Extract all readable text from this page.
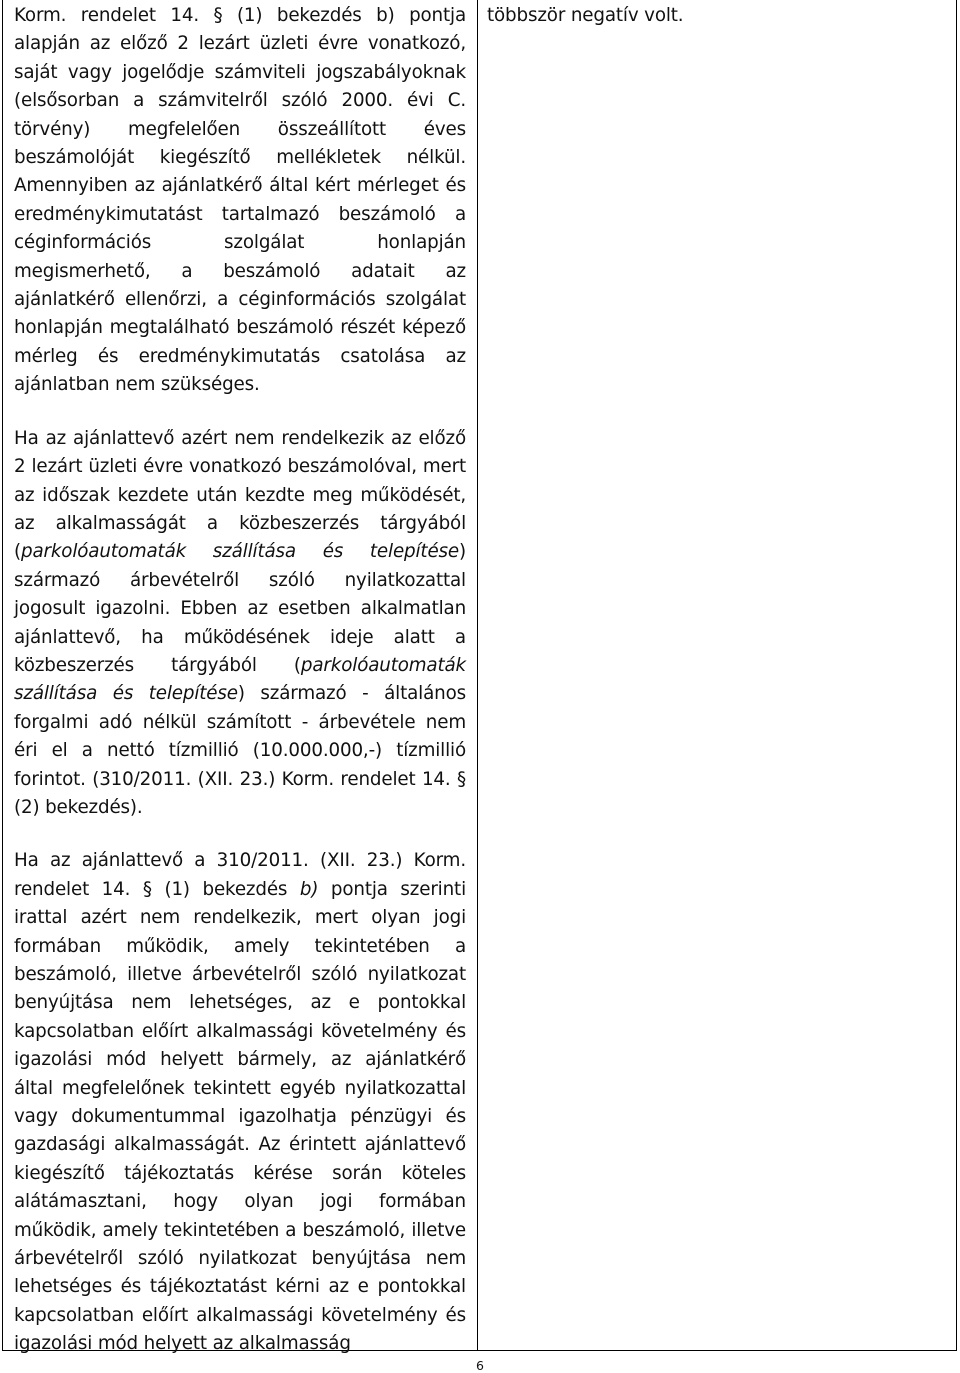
Korm. rendelet 14. § (1) bekezdés b) pontja alapján az előző 2 lezárt üzleti évre vonatkozó, saját vagy jogelődje számviteli jogszabályoknak (elsősorban a számvitelről szóló 2000. évi C. törvény) megfelelően összeállított éves beszámolóját kiegészítő mellékletek nélkül. Amennyiben az ajánlatkérő által kért mérleget és eredménykimutatást tartalmazó beszámoló a céginformációs szolgálat honlapján megismerhető, a beszámoló adatait az ajánlatkérő ellenőrzi, a céginformációs szolgálat honlapján megtalálható beszámoló részét képező mérleg és eredménykimutatás csatolása az ajánlatban nem szükséges.

Ha az ajánlattevő azért nem rendelkezik az előző 2 lezárt üzleti évre vonatkozó beszámolóval, mert az időszak kezdete után kezdte meg működését, az alkalmasságát a közbeszerzés tárgyából (parkolóautomaták szállítása és telepítése) származó árbevételről szóló nyilatkozattal jogosult igazolni. Ebben az esetben alkalmatlan ajánlattevő, ha működésének ideje alatt a közbeszerzés tárgyából (parkolóautomaták szállítása és telepítése) származó - általános forgalmi adó nélkül számított - árbevétele nem éri el a nettó tízmillió (10.000.000,-) tízmillió forintot. (310/2011. (XII. 23.) Korm. rendelet 14. § (2) bekezdés).

Ha az ajánlattevő a 310/2011. (XII. 23.) Korm. rendelet 14. § (1) bekezdés b) pontja szerinti irattal azért nem rendelkezik, mert olyan jogi formában működik, amely tekintetében a beszámoló, illetve árbevételről szóló nyilatkozat benyújtása nem lehetséges, az e pontokkal kapcsolatban előírt alkalmassági követelmény és igazolási mód helyett bármely, az ajánlatkérő által megfelelőnek tekintett egyéb nyilatkozattal vagy dokumentummal igazolhatja pénzügyi és gazdasági alkalmasságát. Az érintett ajánlattevő kiegészítő tájékoztatás kérése során köteles alátámasztani, hogy olyan jogi formában működik, amely tekintetében a beszámoló, illetve árbevételről szóló nyilatkozat benyújtása nem lehetséges és tájékoztatást kérni az e pontokkal kapcsolatban előírt alkalmassági követelmény és igazolási mód helyett az alkalmasság

többször negatív volt.

6
